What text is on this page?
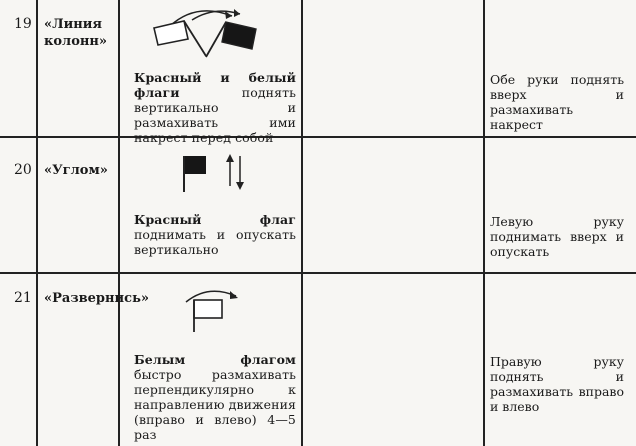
19 «Линия колонн»
Красный и белый флаги поднять вертикально и размахивать ими накрест перед собой
Обе руки поднять вверх и размахивать накрест
20 «Углом»
Красный флаг поднимать и опускать вертикально
Левую руку поднимать вверх и опускать
21 «Развернись»
Белым флагом быстро размахивать перпендикулярно к направлению движения (вправо и влево) 4—5 раз
Правую руку поднять и размахивать вправо и влево
